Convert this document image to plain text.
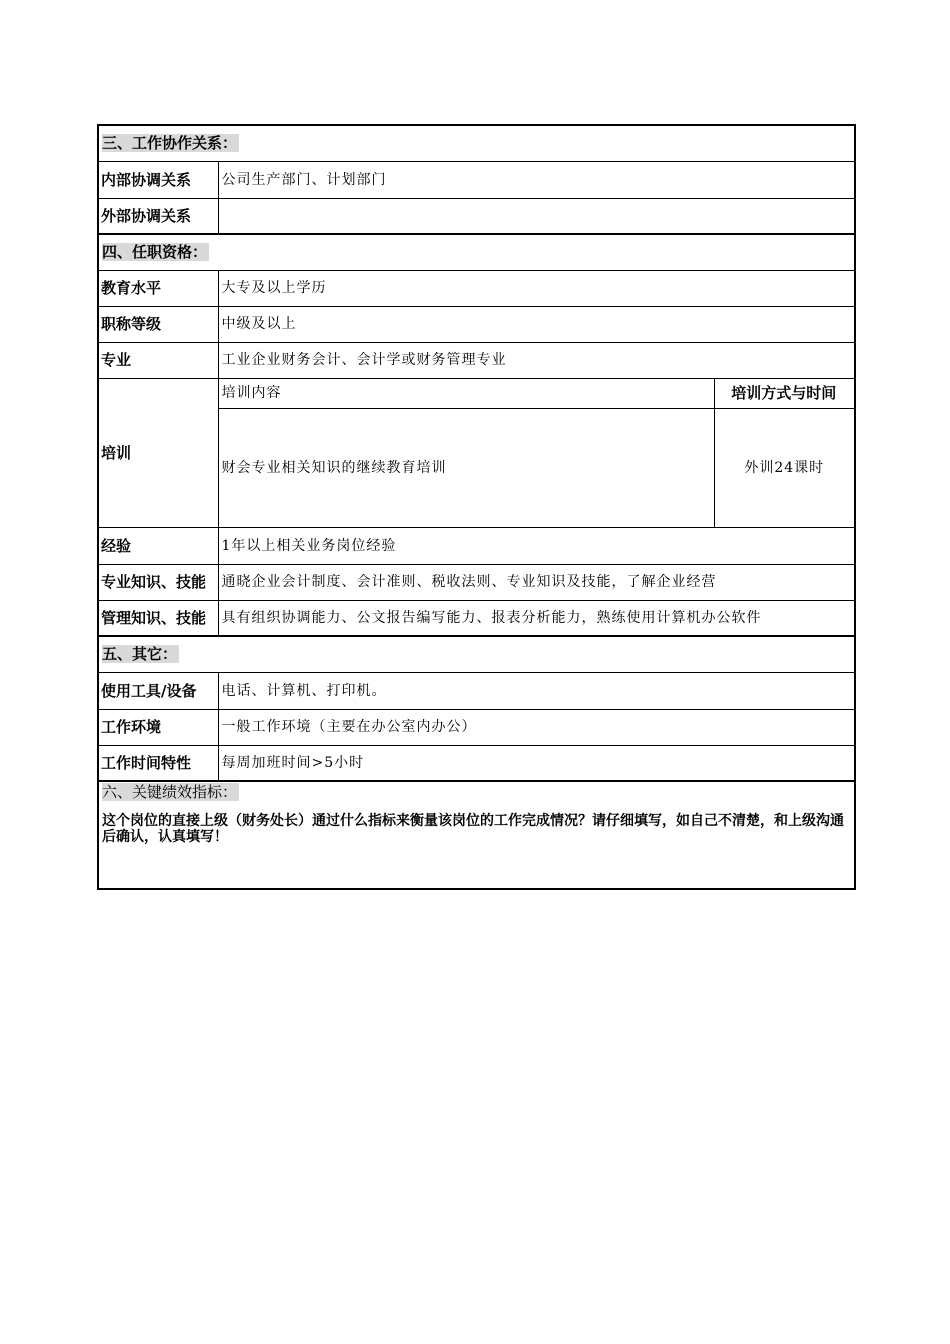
三、工作协作关系：		
内部协调关系	公司生产部门、计划部门	
外部协调关系		
四、任职资格：		
教育水平	大专及以上学历	
职称等级	中级及以上	
专业	工业企业财务会计、会计学或财务管理专业	
培训	培训内容	培训方式与时间
	财会专业相关知识的继续教育培训	外训24课时
经验	1年以上相关业务岗位经验	
专业知识、技能	通晓企业会计制度、会计准则、税收法则、专业知识及技能，了解企业经营	
管理知识、技能	具有组织协调能力、公文报告编写能力、报表分析能力，熟练使用计算机办公软件	
五、其它：		
使用工具/设备	电话、计算机、打印机。	
工作环境	一般工作环境（主要在办公室内办公）	
工作时间特性	每周加班时间>5小时	

六、关键绩效指标：
这个岗位的直接上级（财务处长）通过什么指标来衡量该岗位的工作完成情况？请仔细填写，如自己不清楚，和上级沟通后确认，认真填写！		
